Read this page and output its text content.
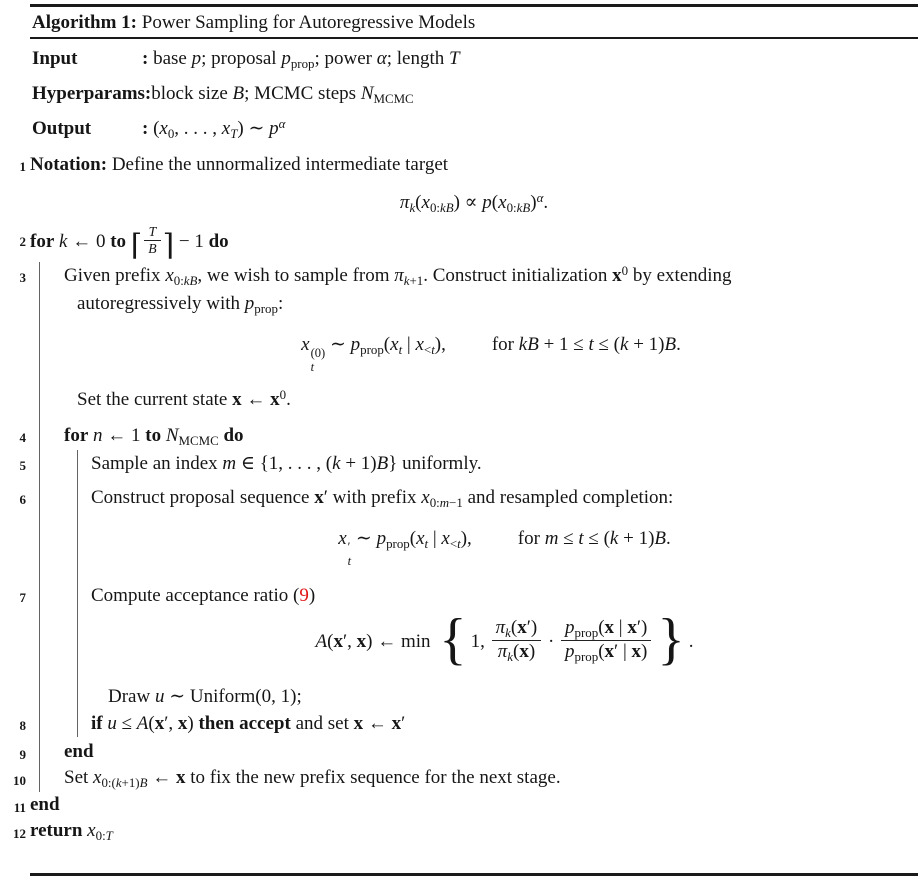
Algorithm 1: Power Sampling for Autoregressive Models
Input	: base p; proposal $p_{prop}$; power α; length T
Hyperparams: block size B; MCMC steps $N_{MCMC}$
Output	: ($x_0$, . . . , $x_T$) ∼ $p^\alpha$
1 Notation: Define the unnormalized intermediate target
$\pi_k(x_{0:kB}) \propto p(x_{0:kB})^\alpha$.
2 for k ← 0 to ⌈ $\frac{T}{B}$ ⌉ − 1 do
3 Given prefix $x_{0:kB}$, we wish to sample from $\pi_{k+1}$. Construct initialization $x^0$ by extending
autoregressively with $p_{prop}$:
x (0)
t
∼ $p_{prop}(x_t$ | $x_{<t}$), for kB + 1 ≤ t ≤ (k + 1)B.
Set the current state x ← $x^0$.
4 for n ← 1 to $N_{MCMC}$ do
5	Sample an index m ∈ {1, . . . , (k + 1)B} uniformly.
6	Construct proposal sequence x′ with prefix $x_{0:m-1}$ and resampled completion:
x ′
t
∼ $p_{prop}(x_t$ | $x_{<t}$), for m ≤ t ≤ (k + 1)B.
7	Compute acceptance ratio (9)
A(x′, x) ← min { 1, $\frac{\pi_k(x')}{\pi_k(x)} \cdot \frac{p_{prop}(x | x')}{p_{prop}(x' | x)}$ } .
Draw u ∼ Uniform(0, 1);
8	if u ≤ A(x′, x) then accept and set x ← x′
9 end
10 Set $x_{0:(k+1)B}$ ← x to fix the new prefix sequence for the next stage.
11 end
12 return $x_{0:T}$
